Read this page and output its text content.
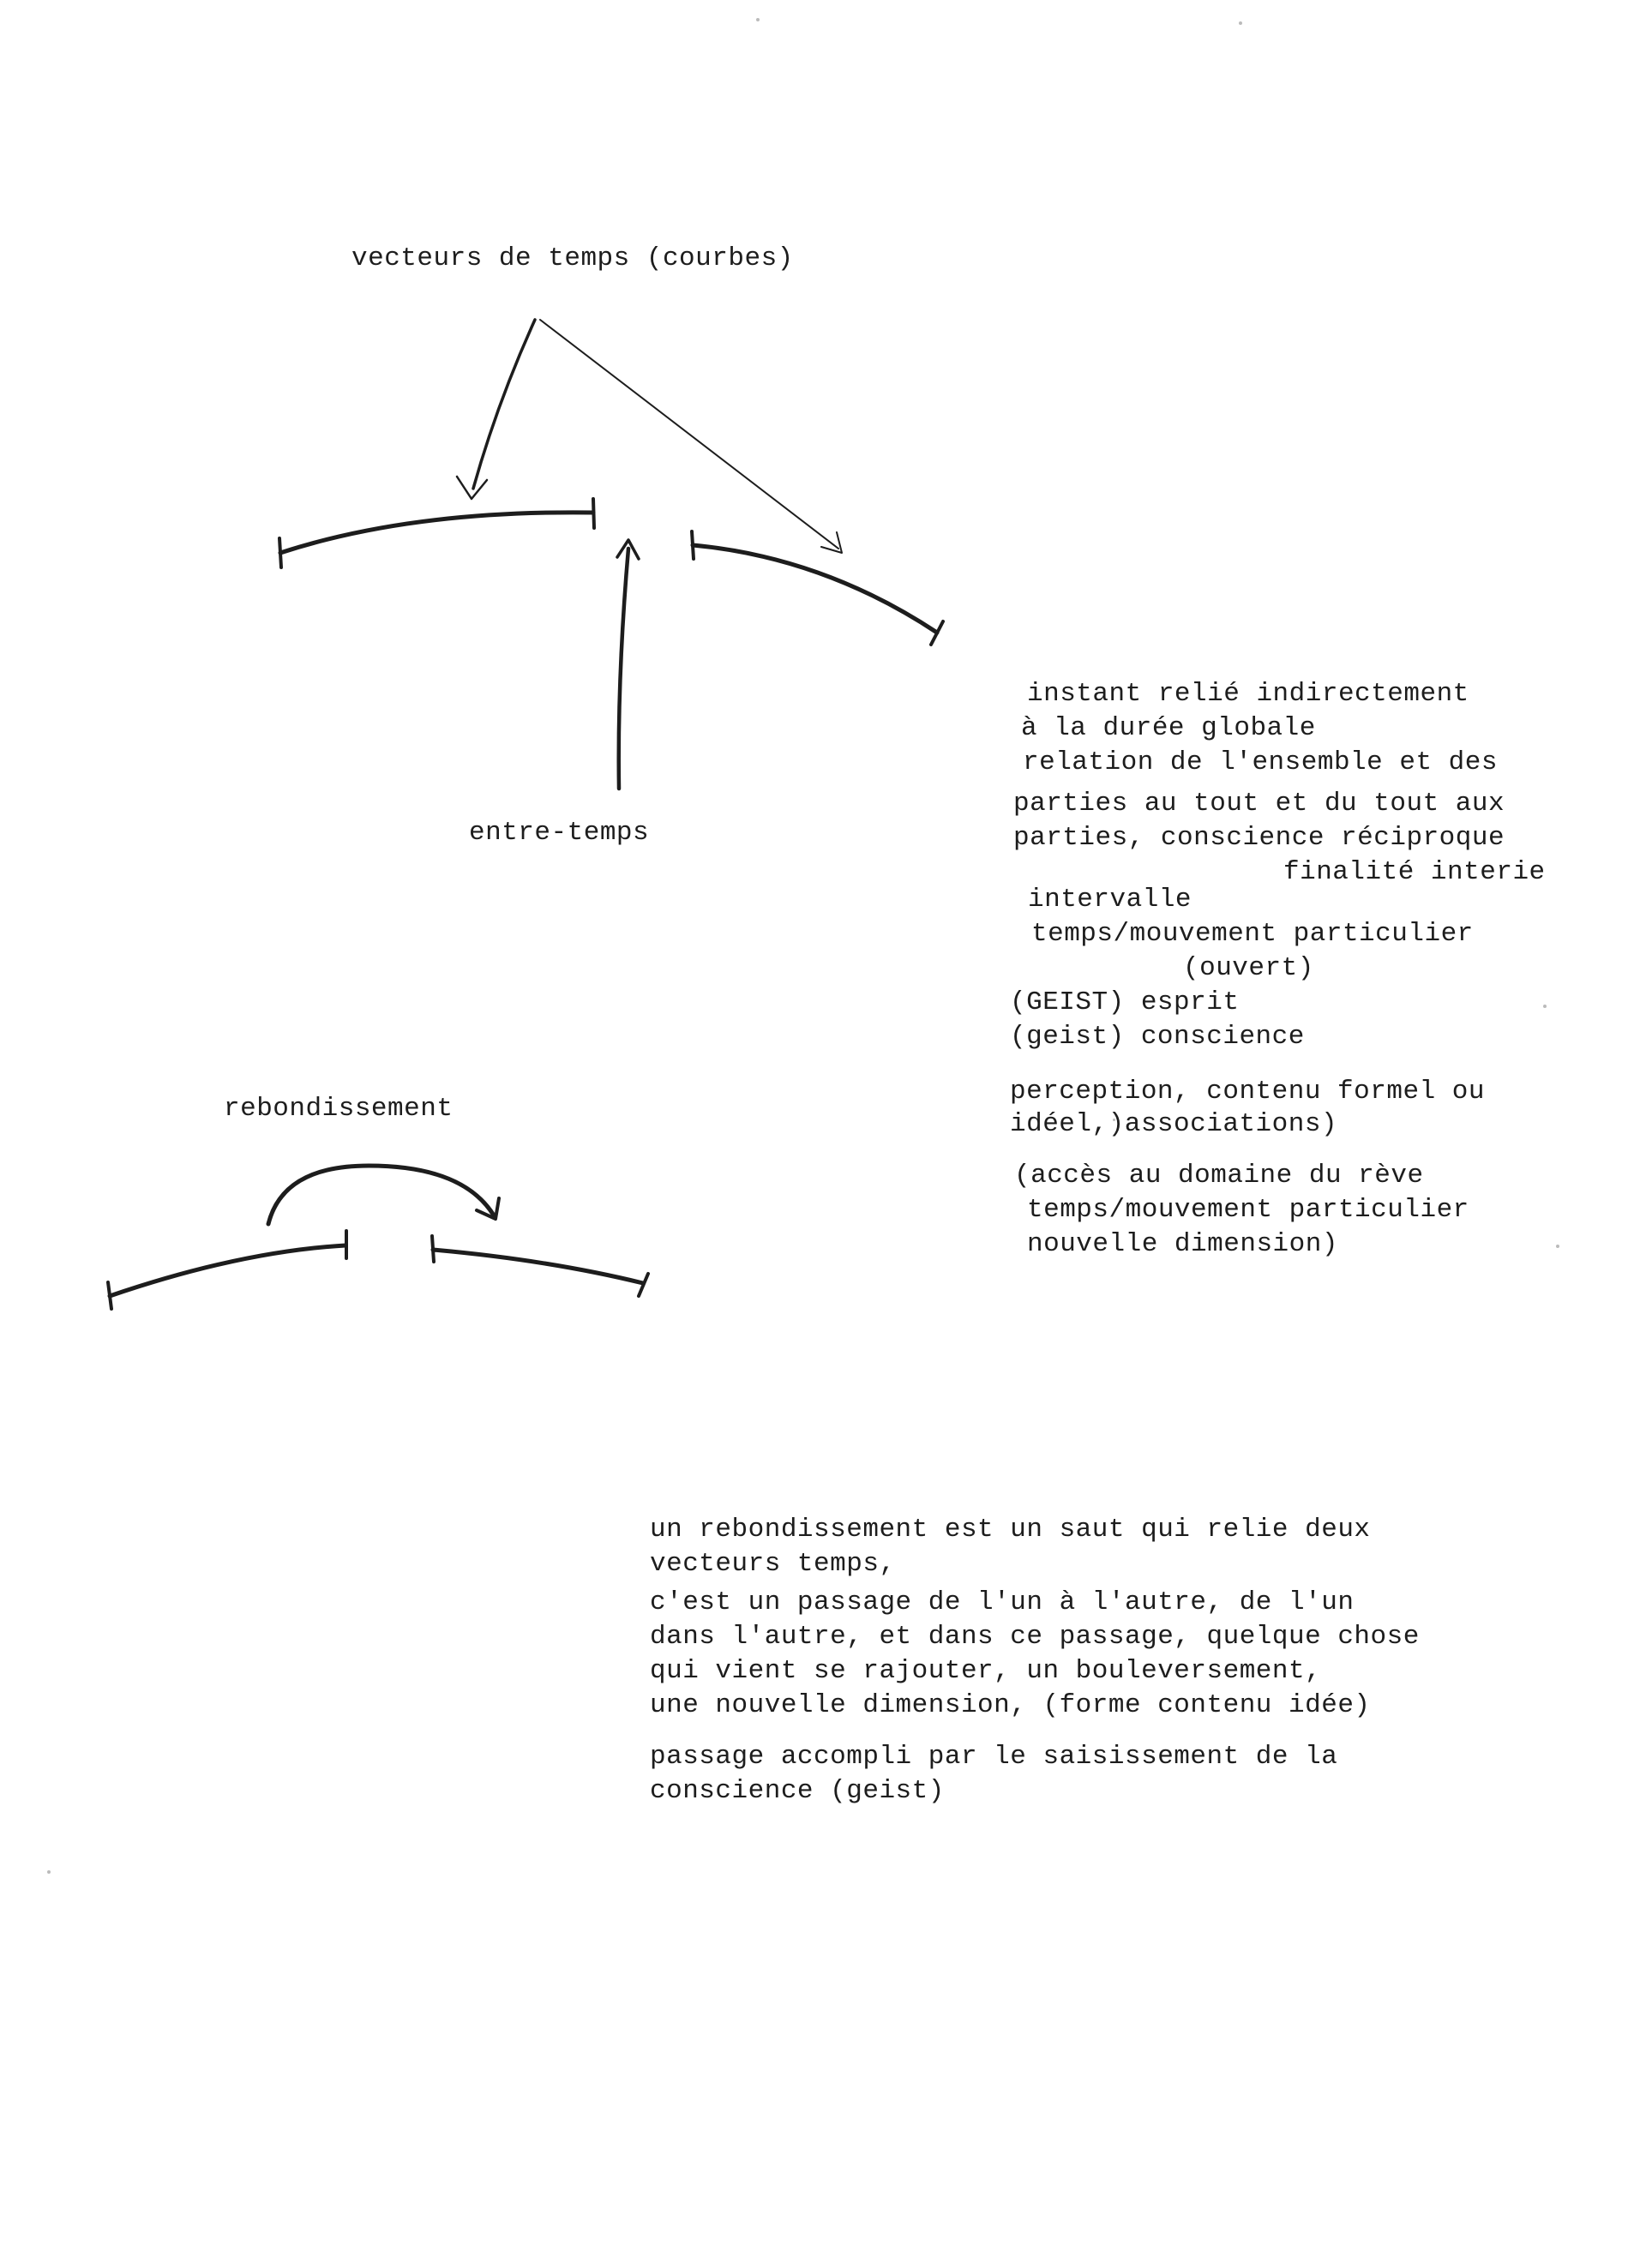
vecteurs de temps (courbes)
entre-temps
rebondissement

instant relié indirectement

à la durée globale

relation de l'ensemble et des

parties au tout et du tout aux

parties, conscience réciproque

finalité interie

intervalle

temps/mouvement particulier

(ouvert)

(GEIST) esprit

(geist) conscience

perception, contenu formel ou

idéel,)associations)

(accès au domaine du rève

temps/mouvement particulier

nouvelle dimension)

un rebondissement est un saut qui relie deux

vecteurs temps,

c'est un passage de l'un à l'autre, de l'un

dans l'autre, et dans ce passage, quelque chose

qui vient se rajouter, un bouleversement,

une nouvelle dimension, (forme contenu idée)

passage accompli par le saisissement de la

conscience (geist)
